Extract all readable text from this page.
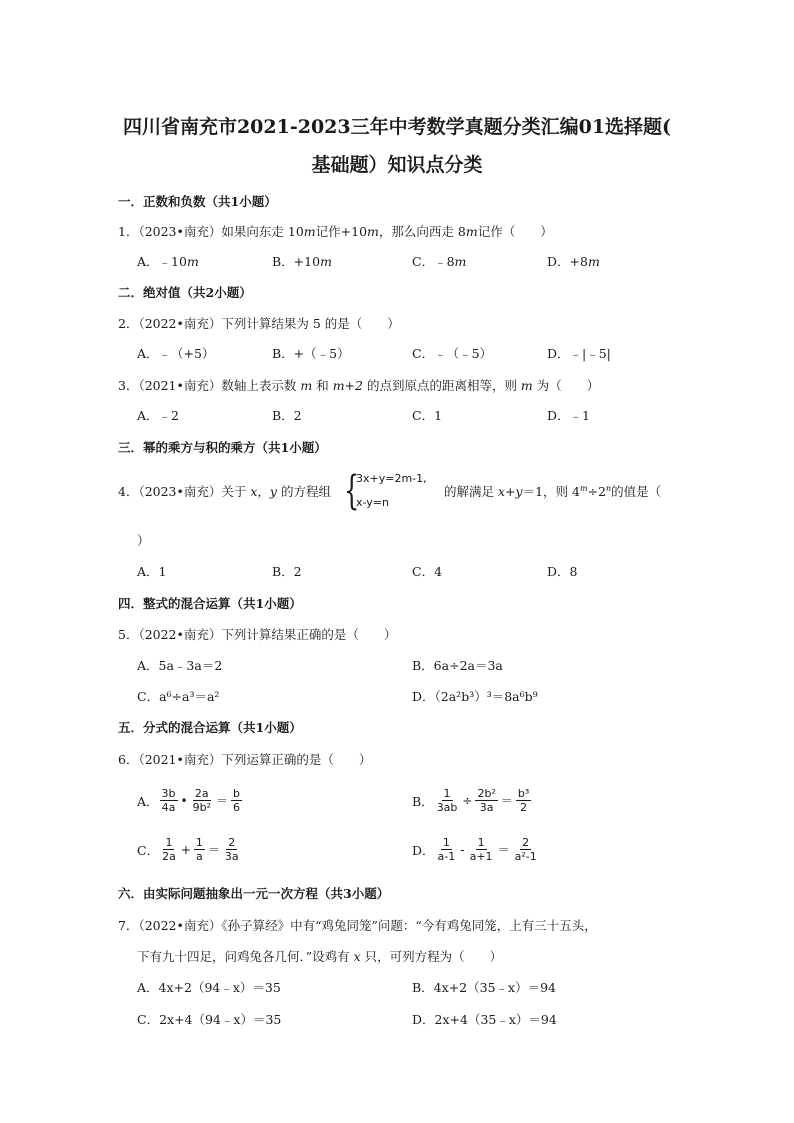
四川省南充市2021-2023三年中考数学真题分类汇编01选择题(
基础题）知识点分类
一．正数和负数（共1小题）
1．（2023•南充）如果向东走 10m记作+10m，那么向西走 8m记作（　　）
A．﹣10m	B．+10m	C．﹣8m	D．+8m
二．绝对值（共2小题）
2．（2022•南充）下列计算结果为 5 的是（　　）
A．﹣（+5）	B．+（﹣5）	C．﹣（﹣5）	D．﹣|﹣5|
3．（2021•南充）数轴上表示数 m 和 m+2 的点到原点的距离相等，则 m 为（　　）
A．﹣2	B．2	C．1	D．﹣1
三．幂的乘方与积的乘方（共1小题）
4．（2023•南充）关于 x，y 的方程组 {
3x+y=2m-1,
x-y=n
的解满足 x+y＝1，则 $4^m\div 2^n$的值是（
）
A．1	B．2	C．4	D．8
四．整式的混合运算（共1小题）
5．（2022•南充）下列计算结果正确的是（　　）
A．5a﹣3a＝2	B．6a÷2a＝3a
C．a⁶÷a³＝a²	D．（2a²b³）³＝8a⁶b⁹
五．分式的混合运算（共1小题）
6．（2021•南充）下列运算正确的是（　　）
A． $\frac{3b}{4a}$ • $\frac{2a}{\text{9b²}} = \frac{b}{6}$	B． $\frac{1}{3ab} \div \frac{\text{2b²}}{3a} = \frac{\text{b³}}{2}$
C． $\frac{1}{2a} + \frac{1}{a} = \frac{2}{3a}$	D． $\frac{1}{a-1} - \frac{1}{a+1} = \frac{2}{\text{a²-1}}$
六．由实际问题抽象出一元一次方程（共3小题）
7．（2022•南充）《孙子算经》中有“鸡兔同笼”问题：“今有鸡兔同笼，上有三十五头，
下有九十四足，问鸡兔各几何．”设鸡有 x 只，可列方程为（　　）
A．4x+2（94﹣x）＝35	B．4x+2（35﹣x）＝94
C．2x+4（94﹣x）＝35	D．2x+4（35﹣x）＝94
